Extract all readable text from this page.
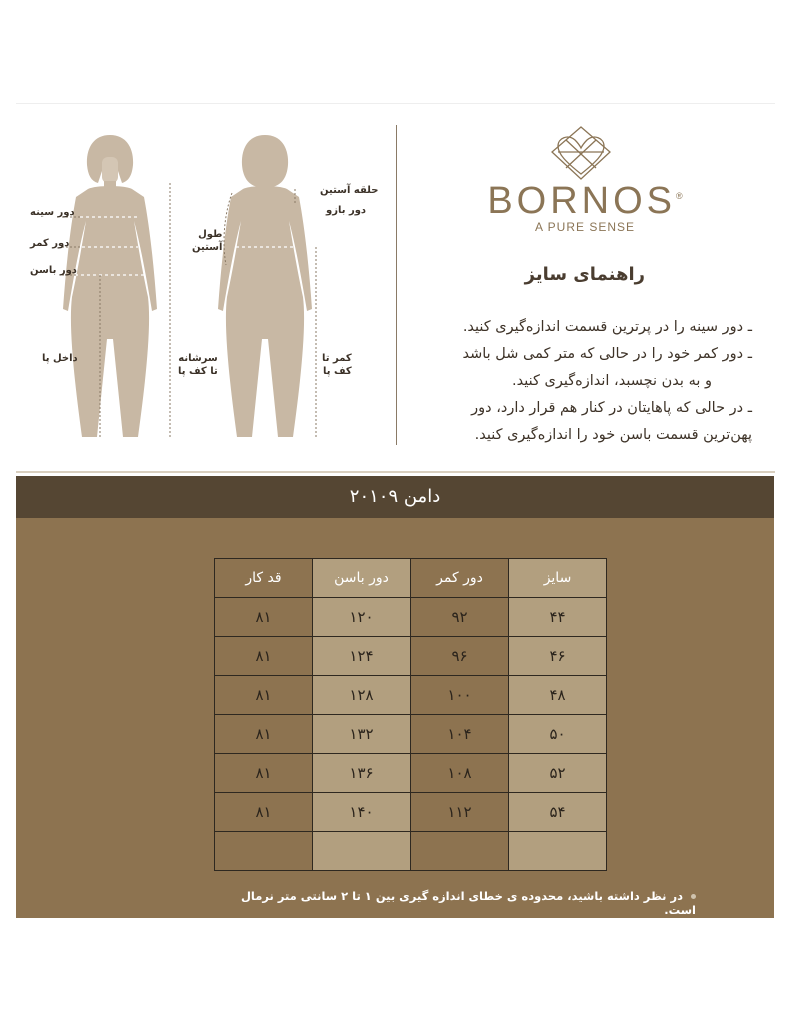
دور سینه
دور کمر
دور باسن
داخل پا	سرشانه
تا کف پا
طول
آستین
حلقه آستین
دور بازو
کمر تا
کف پا
BORNOS®
A PURE SENSE
راهنمای سایز
ـ دور سینه را در پرترین قسمت اندازه‌گیری کنید.
ـ دور کمر خود را در حالی که متر کمی شل باشد
و به بدن نچسبد، اندازه‌گیری کنید.
ـ در حالی که پاهایتان در کنار هم قرار دارد، دور
پهن‌ترین قسمت باسن خود را اندازه‌گیری کنید.
دامن ۲۰۱۰۹
سایز	دور کمر	دور باسن	قد کار
۴۴	۹۲	۱۲۰	۸۱
۴۶	۹۶	۱۲۴	۸۱
۴۸	۱۰۰	۱۲۸	۸۱
۵۰	۱۰۴	۱۳۲	۸۱
۵۲	۱۰۸	۱۳۶	۸۱
۵۴	۱۱۲	۱۴۰	۸۱

در نظر داشته باشید، محدوده ی خطای اندازه گیری بین ۱ تا ۲ سانتی متر نرمال است.
